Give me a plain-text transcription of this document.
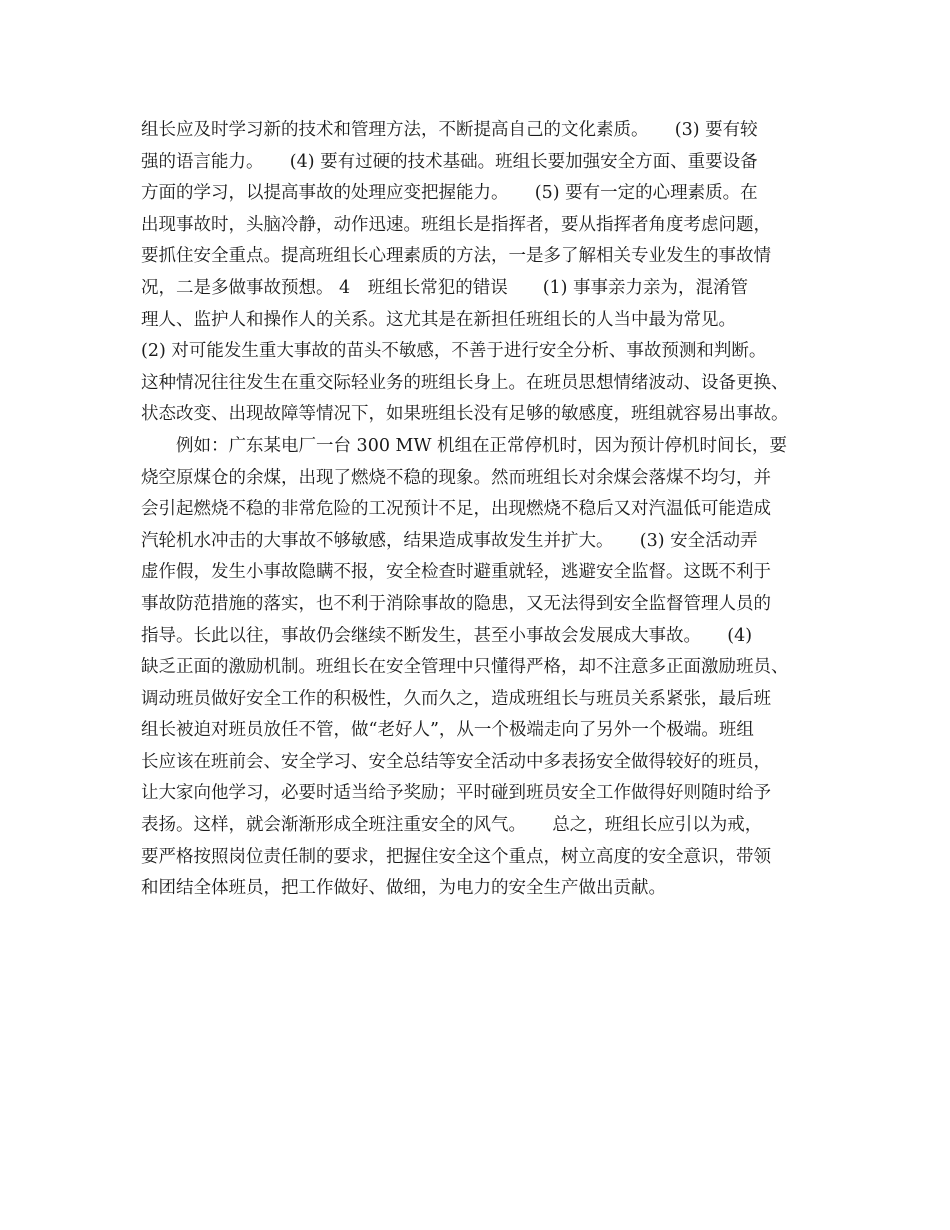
组长应及时学习新的技术和管理方法，不断提高自己的文化素质。　　(3) 要有较
强的语言能力。　　(4) 要有过硬的技术基础。班组长要加强安全方面、重要设备
方面的学习，以提高事故的处理应变把握能力。　　(5) 要有一定的心理素质。在
出现事故时，头脑冷静，动作迅速。班组长是指挥者，要从指挥者角度考虑问题，
要抓住安全重点。提高班组长心理素质的方法，一是多了解相关专业发生的事故情
况，二是多做事故预想。 4　班组长常犯的错误　　(1) 事事亲力亲为，混淆管
理人、监护人和操作人的关系。这尤其是在新担任班组长的人当中最为常见。
(2) 对可能发生重大事故的苗头不敏感，不善于进行安全分析、事故预测和判断。
这种情况往往发生在重交际轻业务的班组长身上。在班员思想情绪波动、设备更换、
状态改变、出现故障等情况下，如果班组长没有足够的敏感度，班组就容易出事故。
　　例如：广东某电厂一台 300 MW 机组在正常停机时，因为预计停机时间长，要
烧空原煤仓的余煤，出现了燃烧不稳的现象。然而班组长对余煤会落煤不均匀，并
会引起燃烧不稳的非常危险的工况预计不足，出现燃烧不稳后又对汽温低可能造成
汽轮机水冲击的大事故不够敏感，结果造成事故发生并扩大。　　(3) 安全活动弄
虚作假，发生小事故隐瞒不报，安全检查时避重就轻，逃避安全监督。这既不利于
事故防范措施的落实，也不利于消除事故的隐患，又无法得到安全监督管理人员的
指导。长此以往，事故仍会继续不断发生，甚至小事故会发展成大事故。　　(4)
缺乏正面的激励机制。班组长在安全管理中只懂得严格，却不注意多正面激励班员、
调动班员做好安全工作的积极性，久而久之，造成班组长与班员关系紧张，最后班
组长被迫对班员放任不管，做“老好人”，从一个极端走向了另外一个极端。班组
长应该在班前会、安全学习、安全总结等安全活动中多表扬安全做得较好的班员，
让大家向他学习，必要时适当给予奖励；平时碰到班员安全工作做得好则随时给予
表扬。这样，就会渐渐形成全班注重安全的风气。　　总之，班组长应引以为戒，
要严格按照岗位责任制的要求，把握住安全这个重点，树立高度的安全意识，带领
和团结全体班员，把工作做好、做细，为电力的安全生产做出贡献。
